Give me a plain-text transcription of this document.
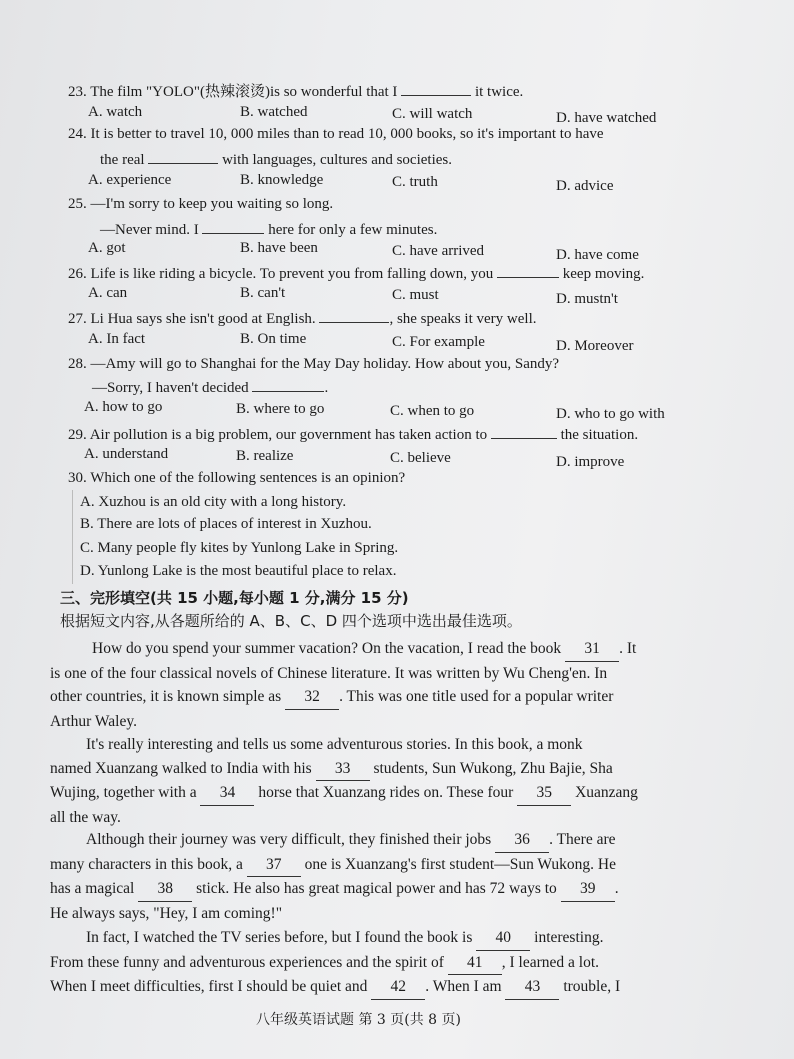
23. The film "YOLO"(热辣滚烫)is so wonderful that I	it twice.
A. watch	B. watched	C. will watch	D. have watched
24. It is better to travel 10, 000 miles than to read 10, 000 books, so it's important to have
the real	with languages, cultures and societies.
A. experience	B. knowledge	C. truth	D. advice
25. —I'm sorry to keep you waiting so long.
—Never mind. I	here for only a few minutes.
A. got	B. have been	C. have arrived	D. have come
26. Life is like riding a bicycle. To prevent you from falling down, you	keep moving.
A. can	B. can't	C. must	D. mustn't
27. Li Hua says she isn't good at English.	, she speaks it very well.
A. In fact	B. On time	C. For example	D. Moreover
28. —Amy will go to Shanghai for the May Day holiday. How about you, Sandy?
—Sorry, I haven't decided	.
A. how to go	B. where to go	C. when to go	D. who to go with
29. Air pollution is a big problem, our government has taken action to	the situation.
A. understand	B. realize	C. believe	D. improve
30. Which one of the following sentences is an opinion?
A. Xuzhou is an old city with a long history.
B. There are lots of places of interest in Xuzhou.
C. Many people fly kites by Yunlong Lake in Spring.
D. Yunlong Lake is the most beautiful place to relax.
三、完形填空(共 15 小题,每小题 1 分,满分 15 分)
根据短文内容,从各题所给的 A、B、C、D 四个选项中选出最佳选项。
How do you spend your summer vacation? On the vacation, I read the book 31 . It
is one of the four classical novels of Chinese literature. It was written by Wu Cheng'en. In
other countries, it is known simple as 32 . This was one title used for a popular writer
Arthur Waley.
It's really interesting and tells us some adventurous stories. In this book, a monk
named Xuanzang walked to India with his 33 students, Sun Wukong, Zhu Bajie, Sha
Wujing, together with a 34 horse that Xuanzang rides on. These four 35 Xuanzang
all the way.
Although their journey was very difficult, they finished their jobs 36 . There are
many characters in this book, a 37 one is Xuanzang's first student—Sun Wukong. He
has a magical 38 stick. He also has great magical power and has 72 ways to 39 .
He always says, "Hey, I am coming!"
In fact, I watched the TV series before, but I found the book is 40 interesting.
From these funny and adventurous experiences and the spirit of 41 , I learned a lot.
When I meet difficulties, first I should be quiet and 42 . When I am 43 trouble, I
八年级英语试题 第 3 页(共 8 页)
